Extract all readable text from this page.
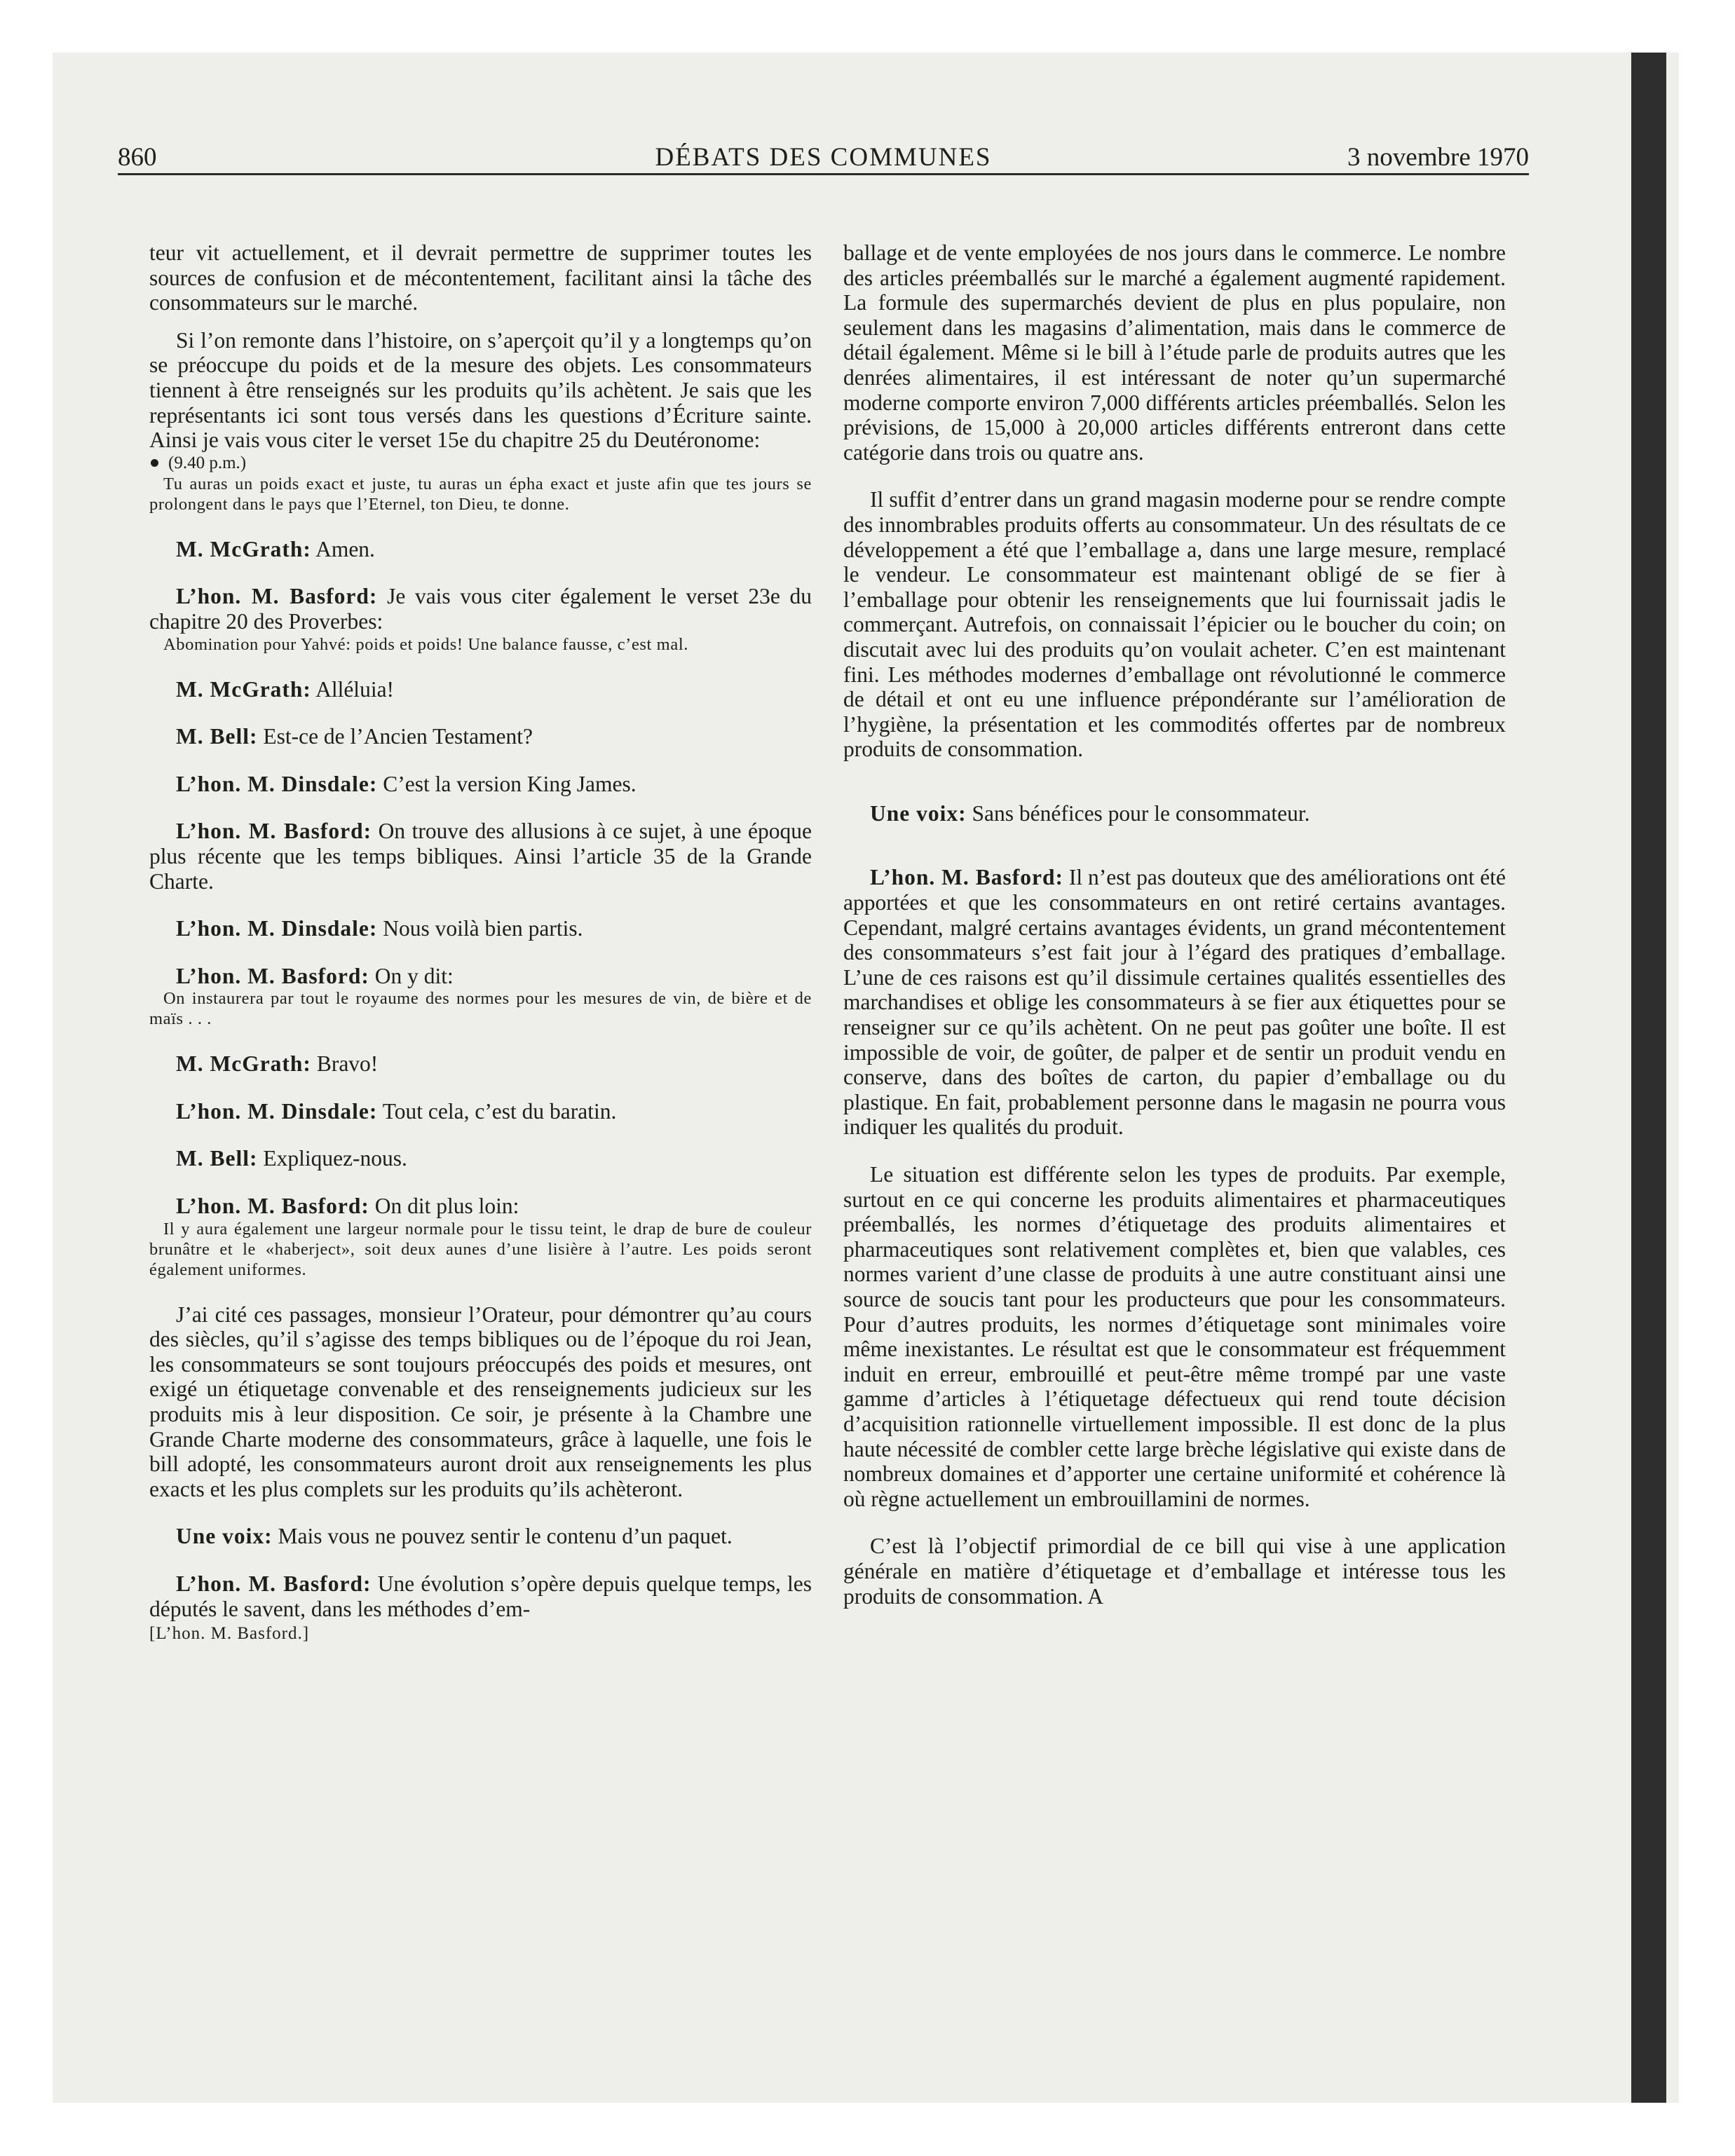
860	DÉBATS DES COMMUNES	3 novembre 1970

teur vit actuellement, et il devrait permettre de supprimer toutes les sources de confusion et de mécontentement, facilitant ainsi la tâche des consommateurs sur le marché.

Si l’on remonte dans l’histoire, on s’aperçoit qu’il y a longtemps qu’on se préoccupe du poids et de la mesure des objets. Les consommateurs tiennent à être renseignés sur les produits qu’ils achètent. Je sais que les représentants ici sont tous versés dans les questions d’Écriture sainte. Ainsi je vais vous citer le verset 15e du chapitre 25 du Deutéronome:

(9.40 p.m.)

Tu auras un poids exact et juste, tu auras un épha exact et juste afin que tes jours se prolongent dans le pays que l’Eternel, ton Dieu, te donne.

M. McGrath: Amen.

L’hon. M. Basford: Je vais vous citer également le verset 23e du chapitre 20 des Proverbes:

Abomination pour Yahvé: poids et poids! Une balance fausse, c’est mal.

M. McGrath: Alléluia!

M. Bell: Est-ce de l’Ancien Testament?

L’hon. M. Dinsdale: C’est la version King James.

L’hon. M. Basford: On trouve des allusions à ce sujet, à une époque plus récente que les temps bibliques. Ainsi l’article 35 de la Grande Charte.

L’hon. M. Dinsdale: Nous voilà bien partis.

L’hon. M. Basford: On y dit:

On instaurera par tout le royaume des normes pour les mesures de vin, de bière et de maïs . . .

M. McGrath: Bravo!

L’hon. M. Dinsdale: Tout cela, c’est du baratin.

M. Bell: Expliquez-nous.

L’hon. M. Basford: On dit plus loin:

Il y aura également une largeur normale pour le tissu teint, le drap de bure de couleur brunâtre et le «haberject», soit deux aunes d’une lisière à l’autre. Les poids seront également uniformes.

J’ai cité ces passages, monsieur l’Orateur, pour démontrer qu’au cours des siècles, qu’il s’agisse des temps bibliques ou de l’époque du roi Jean, les consommateurs se sont toujours préoccupés des poids et mesures, ont exigé un étiquetage convenable et des renseignements judicieux sur les produits mis à leur disposition. Ce soir, je présente à la Chambre une Grande Charte moderne des consommateurs, grâce à laquelle, une fois le bill adopté, les consommateurs auront droit aux renseignements les plus exacts et les plus complets sur les produits qu’ils achèteront.

Une voix: Mais vous ne pouvez sentir le contenu d’un paquet.

L’hon. M. Basford: Une évolution s’opère depuis quelque temps, les députés le savent, dans les méthodes d’em-

[L’hon. M. Basford.]

ballage et de vente employées de nos jours dans le commerce. Le nombre des articles préemballés sur le marché a également augmenté rapidement. La formule des supermarchés devient de plus en plus populaire, non seulement dans les magasins d’alimentation, mais dans le commerce de détail également. Même si le bill à l’étude parle de produits autres que les denrées alimentaires, il est intéressant de noter qu’un supermarché moderne comporte environ 7,000 différents articles préemballés. Selon les prévisions, de 15,000 à 20,000 articles différents entreront dans cette catégorie dans trois ou quatre ans.

Il suffit d’entrer dans un grand magasin moderne pour se rendre compte des innombrables produits offerts au consommateur. Un des résultats de ce développement a été que l’emballage a, dans une large mesure, remplacé le vendeur. Le consommateur est maintenant obligé de se fier à l’emballage pour obtenir les renseignements que lui fournissait jadis le commerçant. Autrefois, on connaissait l’épicier ou le boucher du coin; on discutait avec lui des produits qu’on voulait acheter. C’en est maintenant fini. Les méthodes modernes d’emballage ont révolutionné le commerce de détail et ont eu une influence prépondérante sur l’amélioration de l’hygiène, la présentation et les commodités offertes par de nombreux produits de consommation.

Une voix: Sans bénéfices pour le consommateur.

L’hon. M. Basford: Il n’est pas douteux que des améliorations ont été apportées et que les consommateurs en ont retiré certains avantages. Cependant, malgré certains avantages évidents, un grand mécontentement des consommateurs s’est fait jour à l’égard des pratiques d’emballage. L’une de ces raisons est qu’il dissimule certaines qualités essentielles des marchandises et oblige les consommateurs à se fier aux étiquettes pour se renseigner sur ce qu’ils achètent. On ne peut pas goûter une boîte. Il est impossible de voir, de goûter, de palper et de sentir un produit vendu en conserve, dans des boîtes de carton, du papier d’emballage ou du plastique. En fait, probablement personne dans le magasin ne pourra vous indiquer les qualités du produit.

Le situation est différente selon les types de produits. Par exemple, surtout en ce qui concerne les produits alimentaires et pharmaceutiques préemballés, les normes d’étiquetage des produits alimentaires et pharmaceutiques sont relativement complètes et, bien que valables, ces normes varient d’une classe de produits à une autre constituant ainsi une source de soucis tant pour les producteurs que pour les consommateurs. Pour d’autres produits, les normes d’étiquetage sont minimales voire même inexistantes. Le résultat est que le consommateur est fréquemment induit en erreur, embrouillé et peut-être même trompé par une vaste gamme d’articles à l’étiquetage défectueux qui rend toute décision d’acquisition rationnelle virtuellement impossible. Il est donc de la plus haute nécessité de combler cette large brèche législative qui existe dans de nombreux domaines et d’apporter une certaine uniformité et cohérence là où règne actuellement un embrouillamini de normes.

C’est là l’objectif primordial de ce bill qui vise à une application générale en matière d’étiquetage et d’emballage et intéresse tous les produits de consommation. A
